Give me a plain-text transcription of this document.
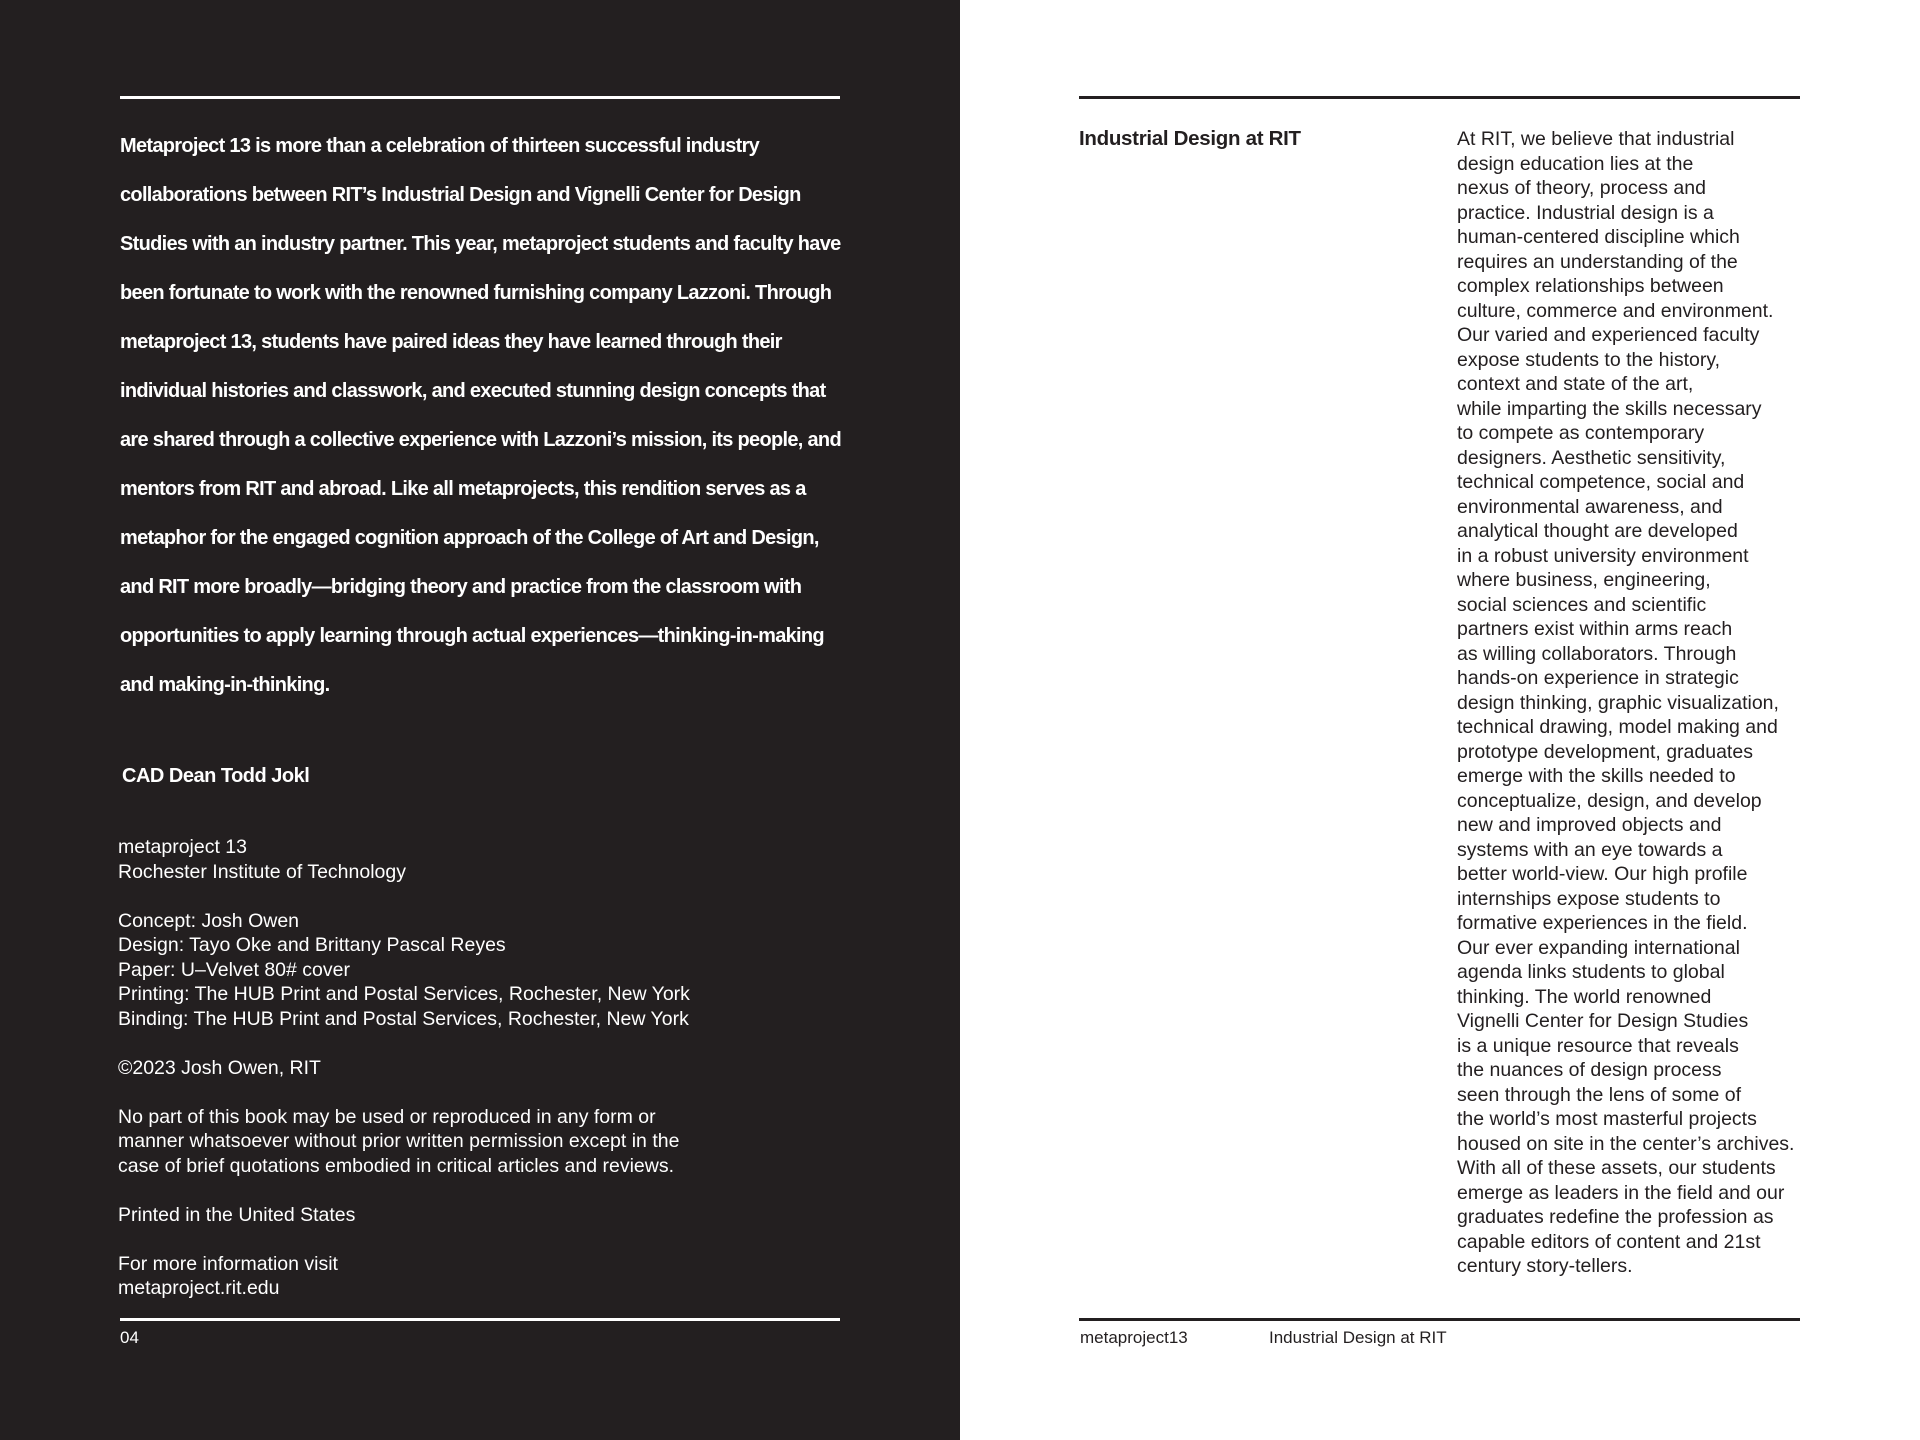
Metaproject 13 is more than a celebration of thirteen successful industry collaborations between RIT’s Industrial Design and Vignelli Center for Design Studies with an industry partner. This year, metaproject students and faculty have been fortunate to work with the renowned furnishing company Lazzoni. Through metaproject 13, students have paired ideas they have learned through their individual histories and classwork, and executed stunning design concepts that are shared through a collective experience with Lazzoni’s mission, its people, and mentors from RIT and abroad. Like all metaprojects, this rendition serves as a metaphor for the engaged cognition approach of the College of Art and Design, and RIT more broadly—bridging theory and practice from the classroom with opportunities to apply learning through actual experiences—thinking-in-making and making-in-thinking.

CAD Dean Todd Jokl

metaproject 13
Rochester Institute of Technology
Concept: Josh Owen
Design: Tayo Oke and Brittany Pascal Reyes
Paper: U–Velvet 80# cover
Printing: The HUB Print and Postal Services, Rochester, New York
Binding: The HUB Print and Postal Services, Rochester, New York
©2023 Josh Owen, RIT
No part of this book may be used or reproduced in any form or
manner whatsoever without prior written permission except in the
case of brief quotations embodied in critical articles and reviews.
Printed in the United States
For more information visit
metaproject.rit.edu
04
Industrial Design at RIT	At RIT, we believe that industrial
design education lies at the
nexus of theory, process and
practice. Industrial design is a
human-centered discipline which
requires an understanding of the
complex relationships between
culture, commerce and environment.
Our varied and experienced faculty
expose students to the history,
context and state of the art,
while imparting the skills necessary
to compete as contemporary
designers. Aesthetic sensitivity,
technical competence, social and
environmental awareness, and
analytical thought are developed
in a robust university environment
where business, engineering,
social sciences and scientific
partners exist within arms reach
as willing collaborators. Through
hands-on experience in strategic
design thinking, graphic visualization,
technical drawing, model making and
prototype development, graduates
emerge with the skills needed to
conceptualize, design, and develop
new and improved objects and
systems with an eye towards a
better world-view. Our high profile
internships expose students to
formative experiences in the field.
Our ever expanding international
agenda links students to global
thinking. The world renowned
Vignelli Center for Design Studies
is a unique resource that reveals
the nuances of design process
seen through the lens of some of
the world’s most masterful projects
housed on site in the center’s archives.
With all of these assets, our students
emerge as leaders in the field and our
graduates redefine the profession as
capable editors of content and 21st
century story-tellers.
metaproject13	Industrial Design at RIT
